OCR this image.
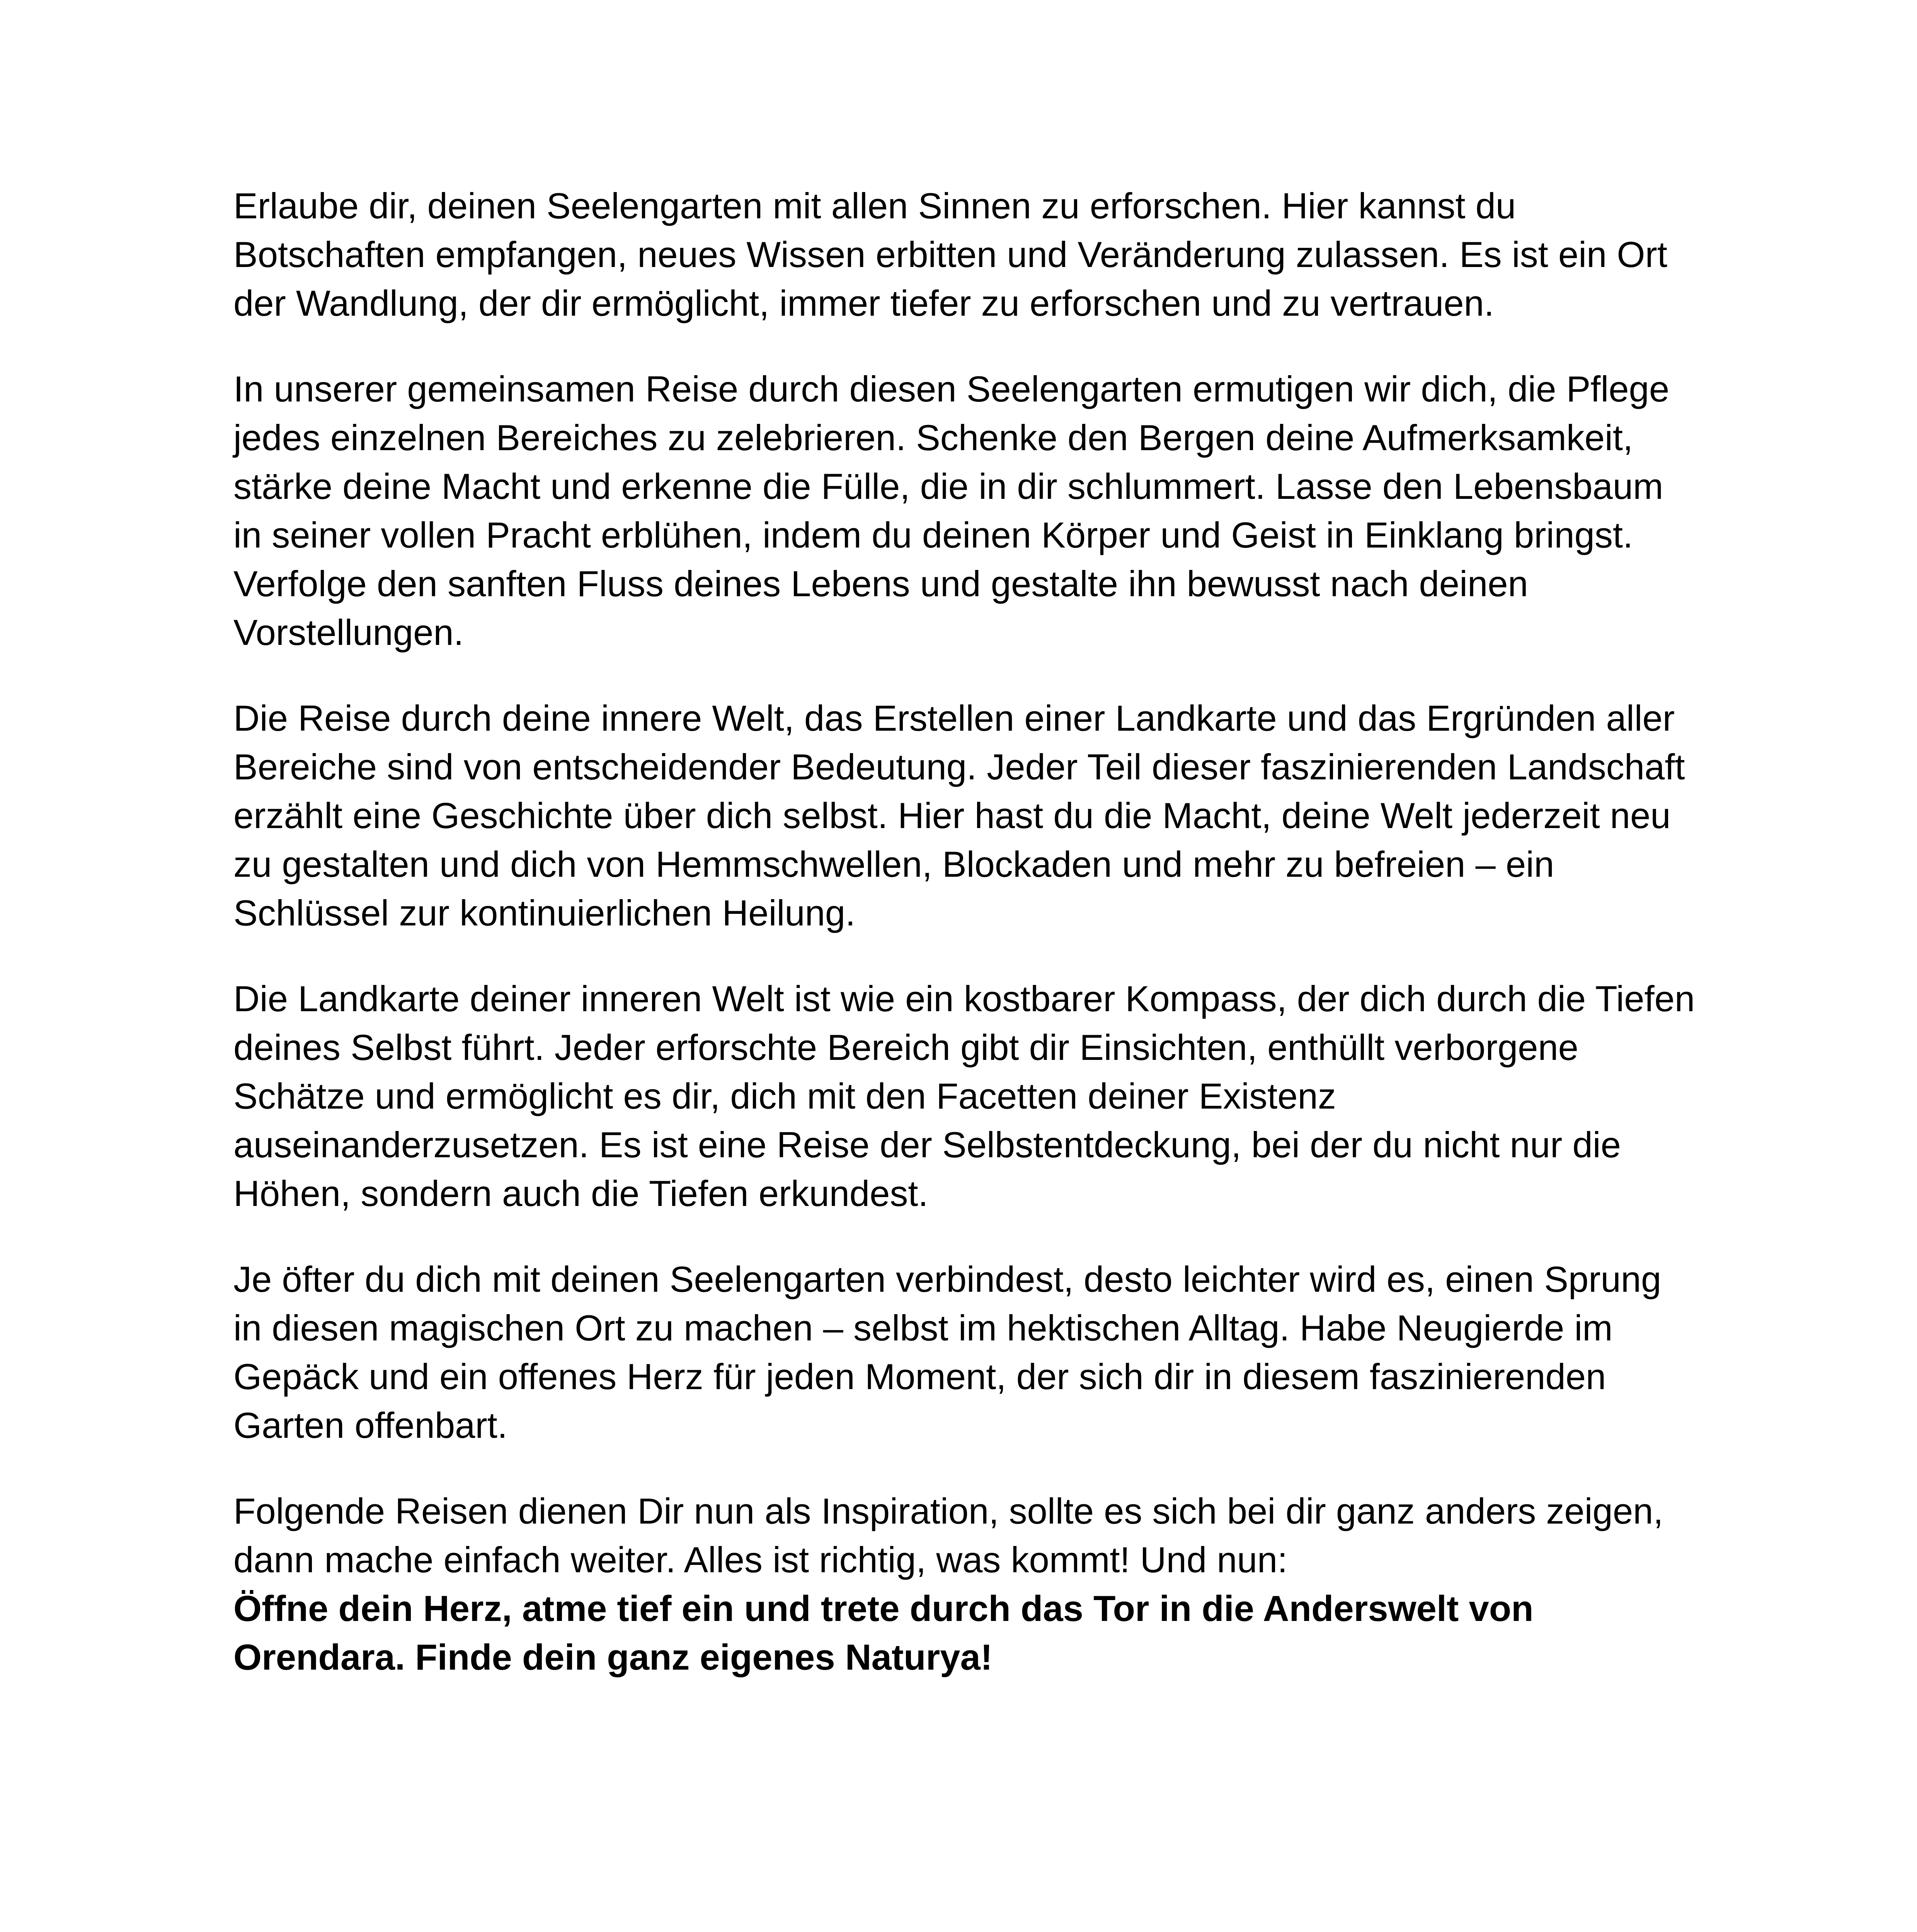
Erlaube dir, deinen Seelengarten mit allen Sinnen zu erforschen. Hier kannst du Botschaften empfangen, neues Wissen erbitten und Veränderung zulassen. Es ist ein Ort der Wandlung, der dir ermöglicht, immer tiefer zu erforschen und zu vertrauen.

In unserer gemeinsamen Reise durch diesen Seelengarten ermutigen wir dich, die Pflege jedes einzelnen Bereiches zu zelebrieren. Schenke den Bergen deine Aufmerksamkeit, stärke deine Macht und erkenne die Fülle, die in dir schlummert. Lasse den Lebensbaum in seiner vollen Pracht erblühen, indem du deinen Körper und Geist in Einklang bringst. Verfolge den sanften Fluss deines Lebens und gestalte ihn bewusst nach deinen Vorstellungen.

Die Reise durch deine innere Welt, das Erstellen einer Landkarte und das Ergründen aller Bereiche sind von entscheidender Bedeutung. Jeder Teil dieser faszinierenden Landschaft erzählt eine Geschichte über dich selbst. Hier hast du die Macht, deine Welt jederzeit neu zu gestalten und dich von Hemmschwellen, Blockaden und mehr zu befreien – ein Schlüssel zur kontinuierlichen Heilung.

Die Landkarte deiner inneren Welt ist wie ein kostbarer Kompass, der dich durch die Tiefen deines Selbst führt. Jeder erforschte Bereich gibt dir Einsichten, enthüllt verborgene Schätze und ermöglicht es dir, dich mit den Facetten deiner Existenz auseinanderzusetzen. Es ist eine Reise der Selbstentdeckung, bei der du nicht nur die Höhen, sondern auch die Tiefen erkundest.

Je öfter du dich mit deinen Seelengarten verbindest, desto leichter wird es, einen Sprung in diesen magischen Ort zu machen – selbst im hektischen Alltag. Habe Neugierde im Gepäck und ein offenes Herz für jeden Moment, der sich dir in diesem faszinierenden Garten offenbart.

Folgende Reisen dienen Dir nun als Inspiration, sollte es sich bei dir ganz anders zeigen, dann mache einfach weiter. Alles ist richtig, was kommt! Und nun:
Öffne dein Herz, atme tief ein und trete durch das Tor in die Anderswelt von Orendara. Finde dein ganz eigenes Naturya!
